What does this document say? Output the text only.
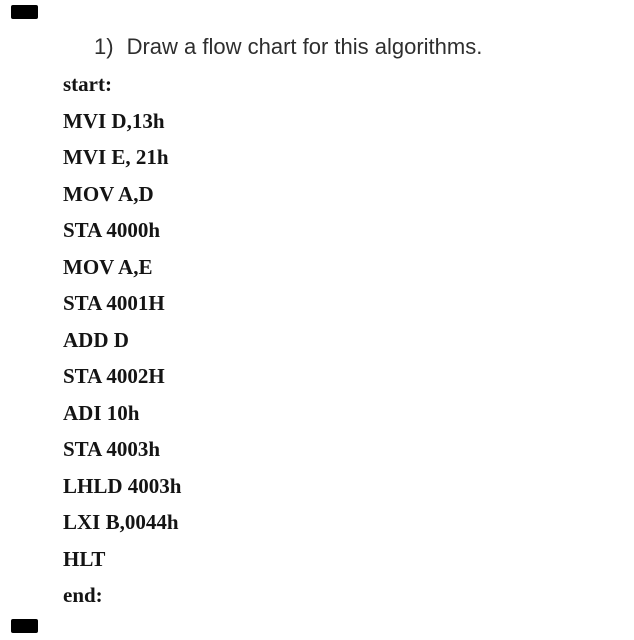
1) Draw a flow chart for this algorithms.
start:
MVI D,13h
MVI E, 21h
MOV A,D
STA 4000h
MOV A,E
STA 4001H
ADD D
STA 4002H
ADI 10h
STA 4003h
LHLD 4003h
LXI B,0044h
HLT
end:
